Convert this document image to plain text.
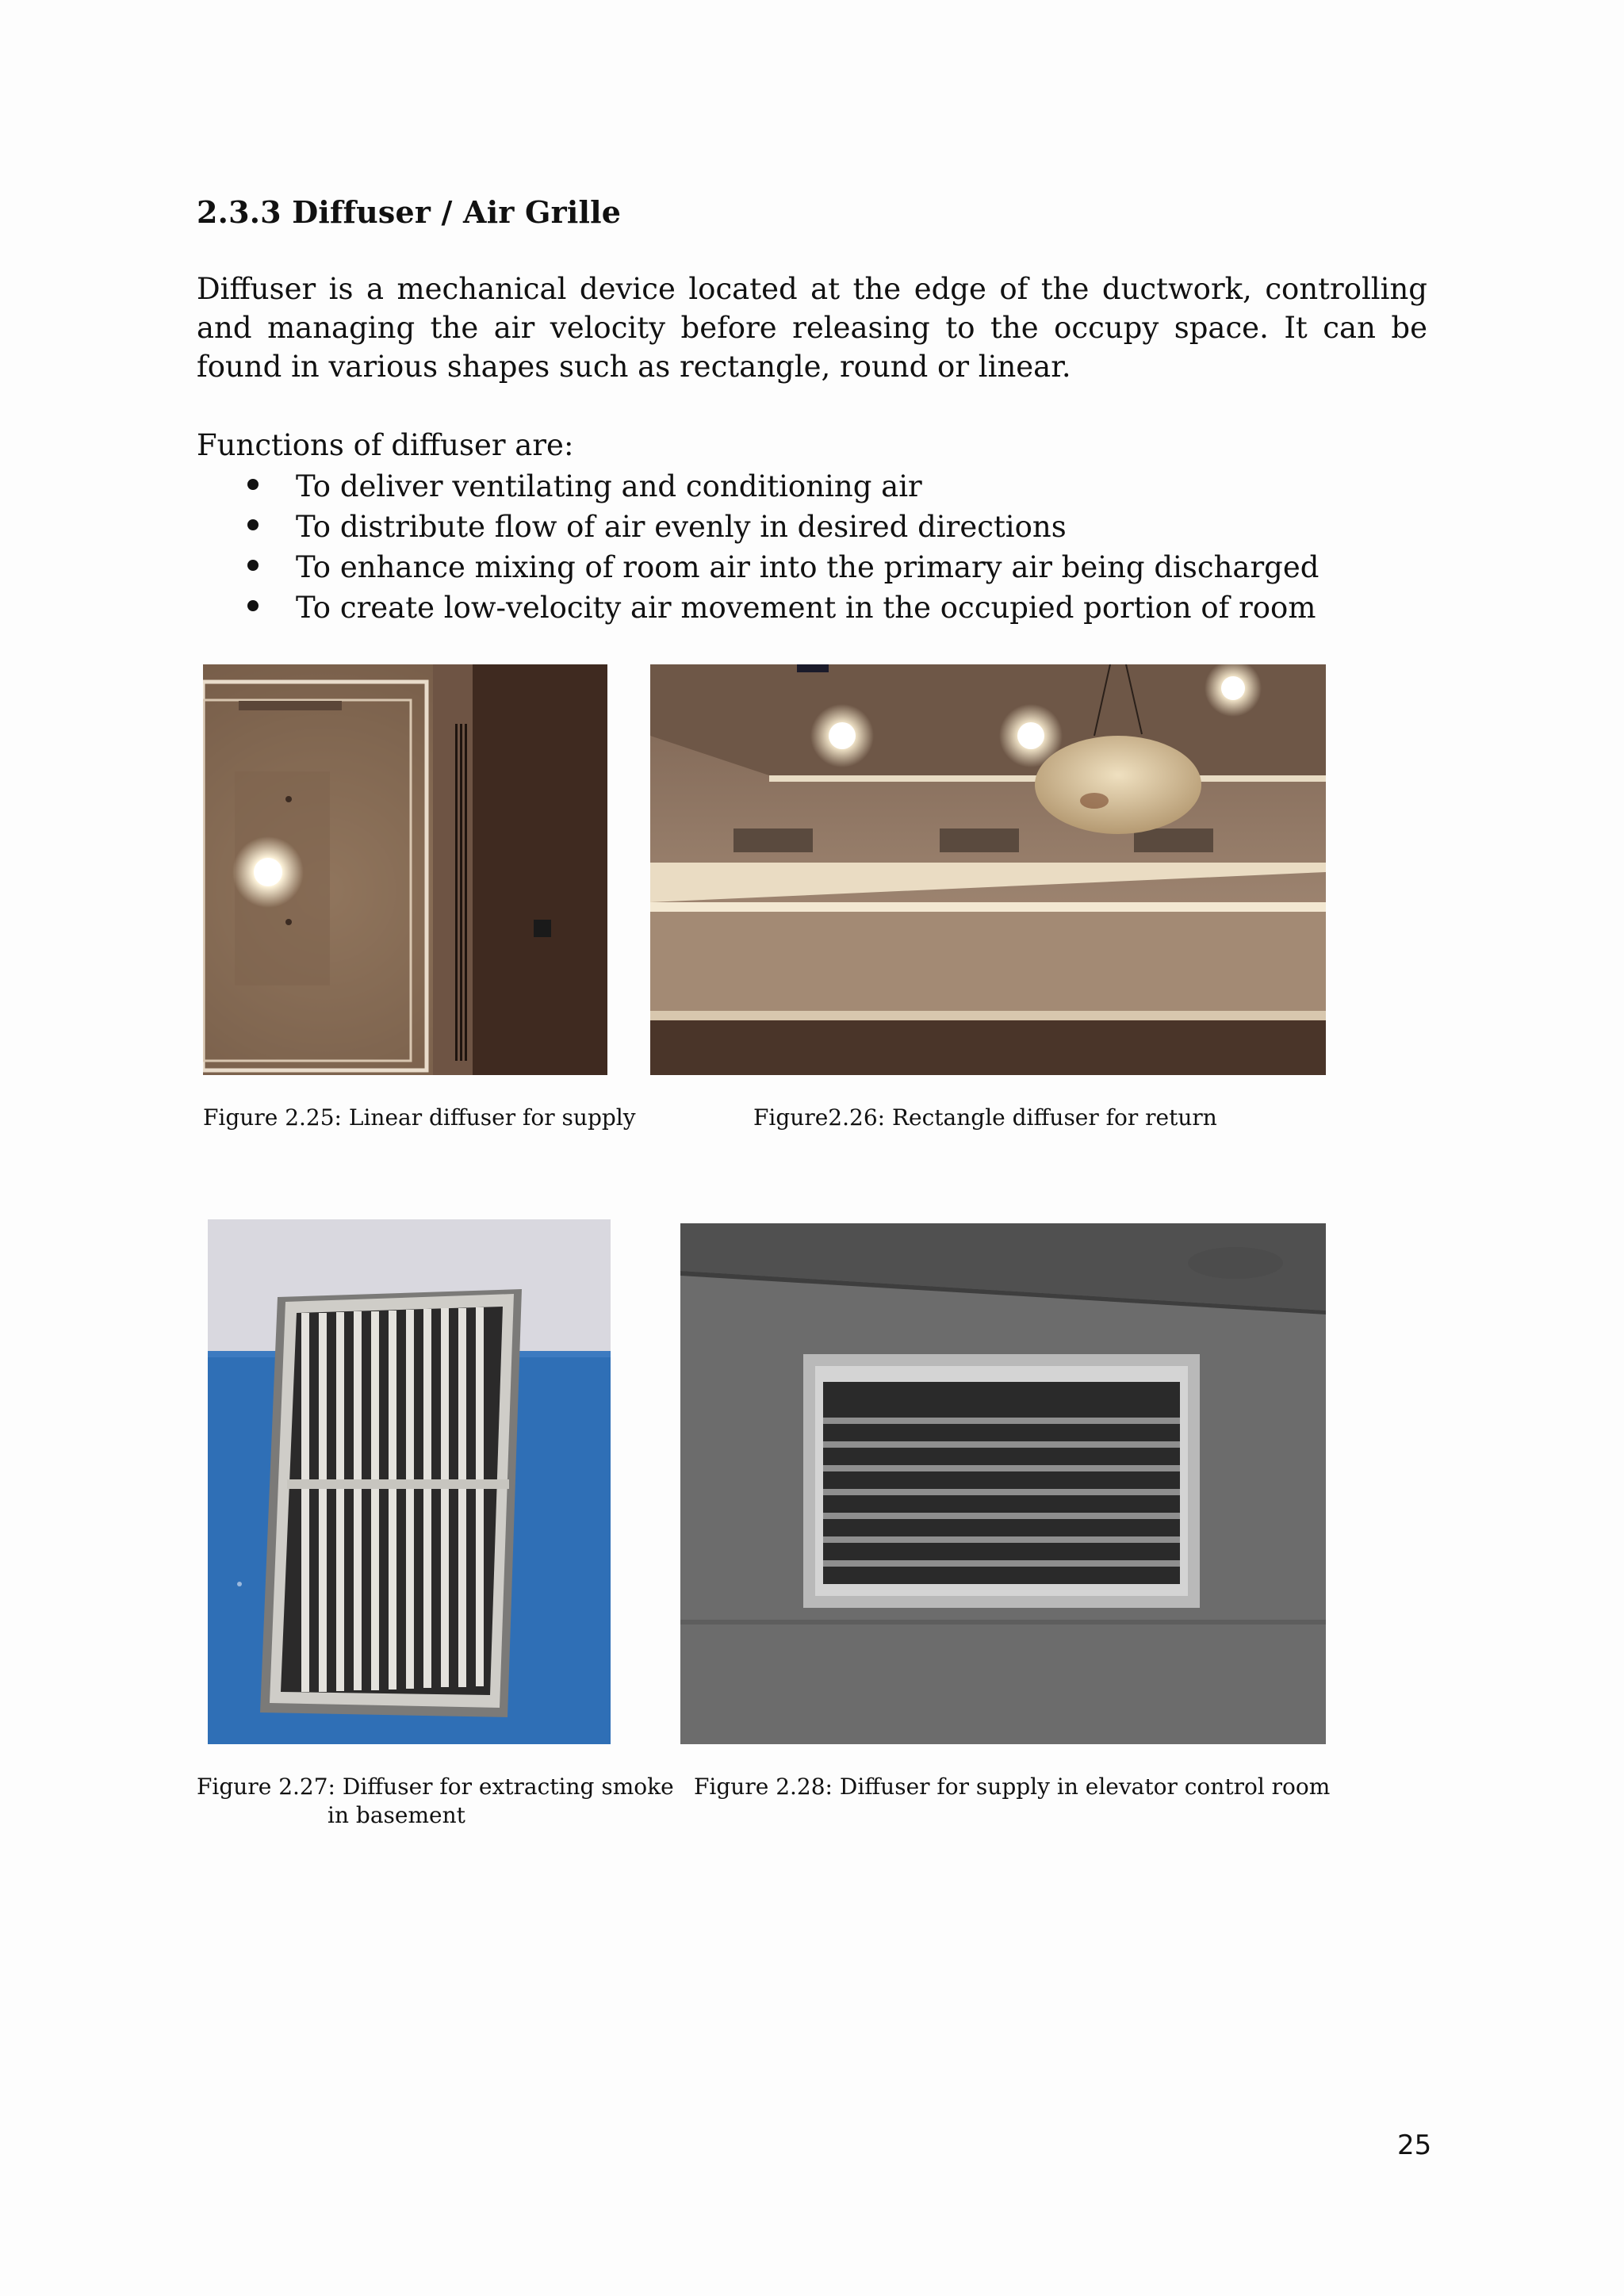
2.3.3 Diffuser / Air Grille
Diffuser is a mechanical device located at the edge of the ductwork, controlling and managing the air velocity before releasing to the occupy space. It can be found in various shapes such as rectangle, round or linear.
Functions of diffuser are:
To deliver ventilating and conditioning air
To distribute flow of air evenly in desired directions
To enhance mixing of room air into the primary air being discharged
To create low-velocity air movement in the occupied portion of room
Figure 2.25: Linear diffuser for supply	Figure2.26: Rectangle diffuser for return
Figure 2.27: Diffuser for extracting smoke
in basement
Figure 2.28: Diffuser for supply in elevator control room
25
